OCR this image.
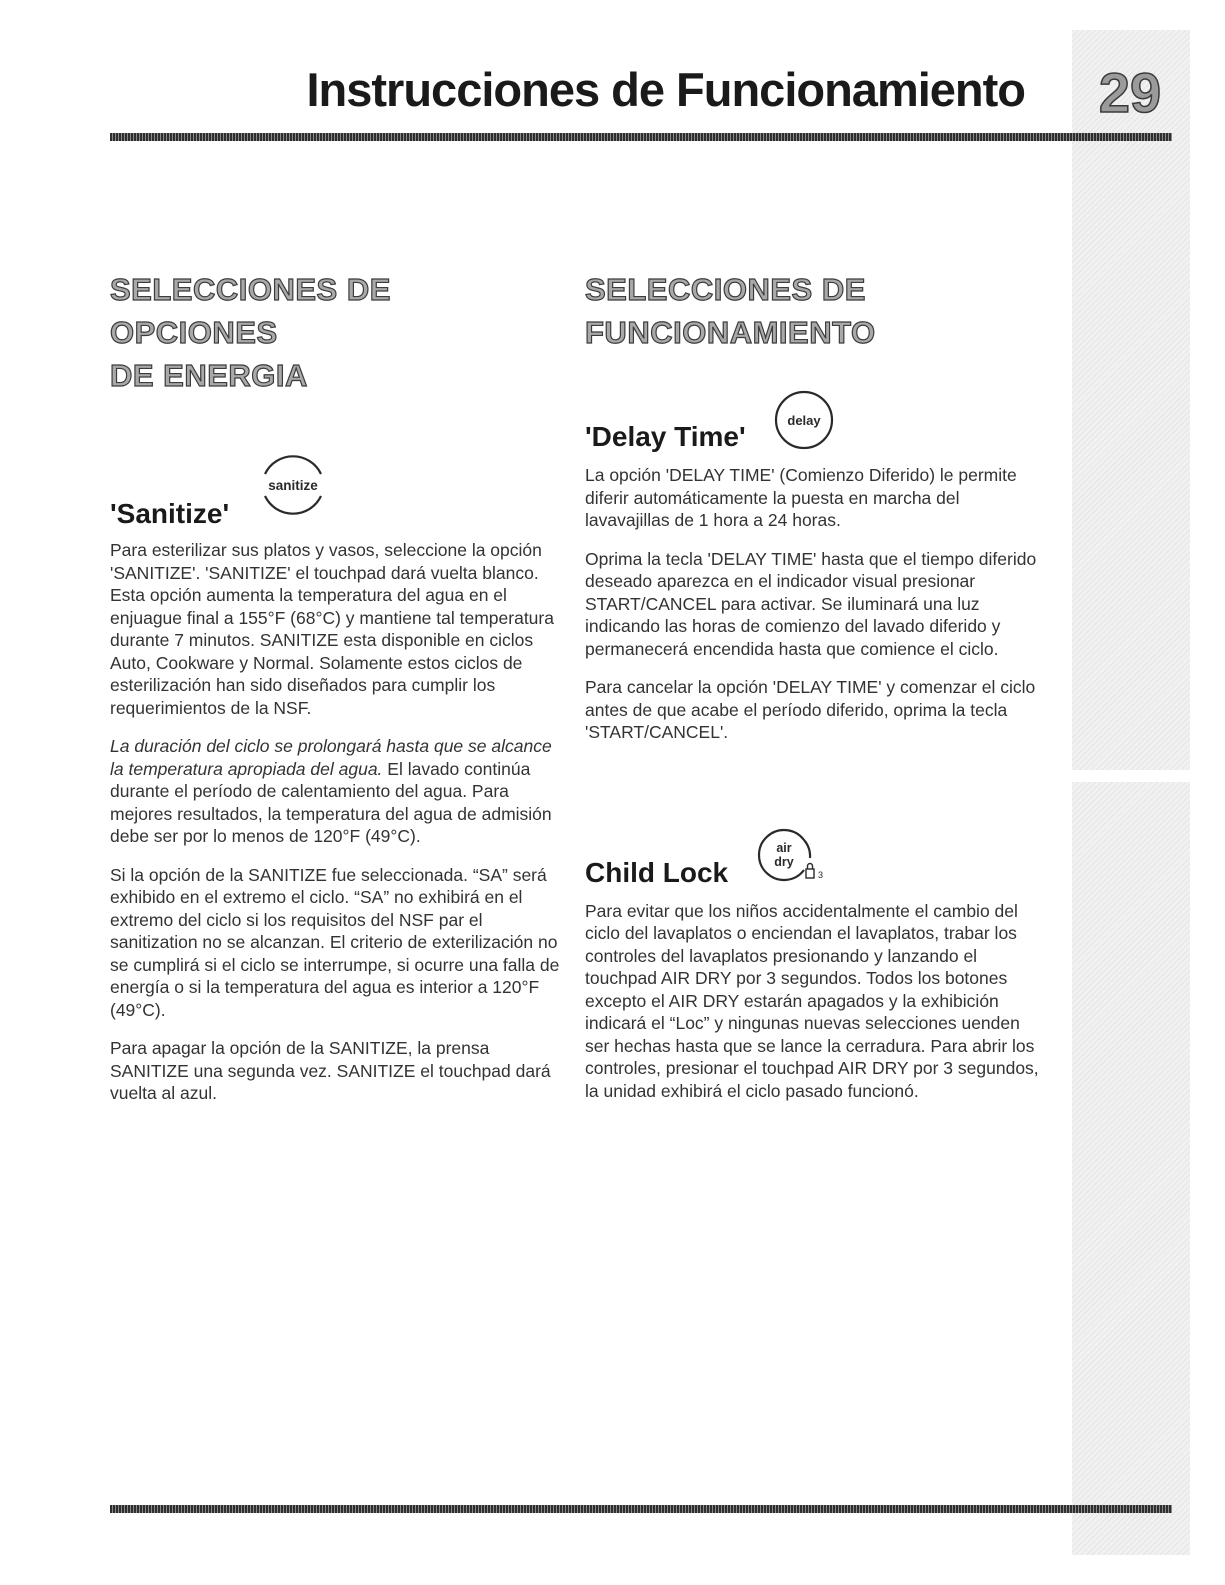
Instrucciones de Funcionamiento	29
SELECCIONES DE OPCIONES
DE ENERGIA
'Sanitize'
sanitize

Para esterilizar sus platos y vasos, seleccione la opción 'SANITIZE'. 'SANITIZE' el touchpad dará vuelta blanco. Esta opción aumenta la temperatura del agua en el enjuague final a 155°F (68°C) y mantiene tal temperatura durante 7 minutos. SANITIZE esta disponible en ciclos Auto, Cookware y Normal. Solamente estos ciclos de esterilización han sido diseñados para cumplir los requerimientos de la NSF.

La duración del ciclo se prolongará hasta que se alcance la temperatura apropiada del agua. El lavado continúa durante el período de calentamiento del agua. Para mejores resultados, la temperatura del agua de admisión debe ser por lo menos de 120°F (49°C).

Si la opción de la SANITIZE fue seleccionada. “SA” será exhibido en el extremo el ciclo. “SA” no exhibirá en el extremo del ciclo si los requisitos del NSF par el sanitization no se alcanzan. El criterio de exterilización no se cumplirá si el ciclo se interrumpe, si ocurre una falla de energía o si la temperatura del agua es interior a 120°F (49°C).

Para apagar la opción de la SANITIZE, la prensa SANITIZE una segunda vez. SANITIZE el touchpad dará vuelta al azul.

SELECCIONES DE
FUNCIONAMIENTO
'Delay Time'
delay

La opción 'DELAY TIME' (Comienzo Diferido) le permite diferir automáticamente la puesta en marcha del lavavajillas de 1 hora a 24 horas.

Oprima la tecla 'DELAY TIME' hasta que el tiempo diferido deseado aparezca en el indicador visual presionar START/CANCEL para activar. Se iluminará una luz indicando las horas de comienzo del lavado diferido y permanecerá encendida hasta que comience el ciclo.

Para cancelar la opción 'DELAY TIME' y comenzar el ciclo antes de que acabe el período diferido, oprima la tecla 'START/CANCEL'.

Child Lock
air
dry
3

Para evitar que los niños accidentalmente el cambio del ciclo del lavaplatos o enciendan el lavaplatos, trabar los controles del lavaplatos presionando y lanzando el touchpad AIR DRY por 3 segundos. Todos los botones excepto el AIR DRY estarán apagados y la exhibición indicará el “Loc” y ningunas nuevas selecciones uenden ser hechas hasta que se lance la cerradura. Para abrir los controles, presionar el touchpad AIR DRY por 3 segundos, la unidad exhibirá el ciclo pasado funcionó.
